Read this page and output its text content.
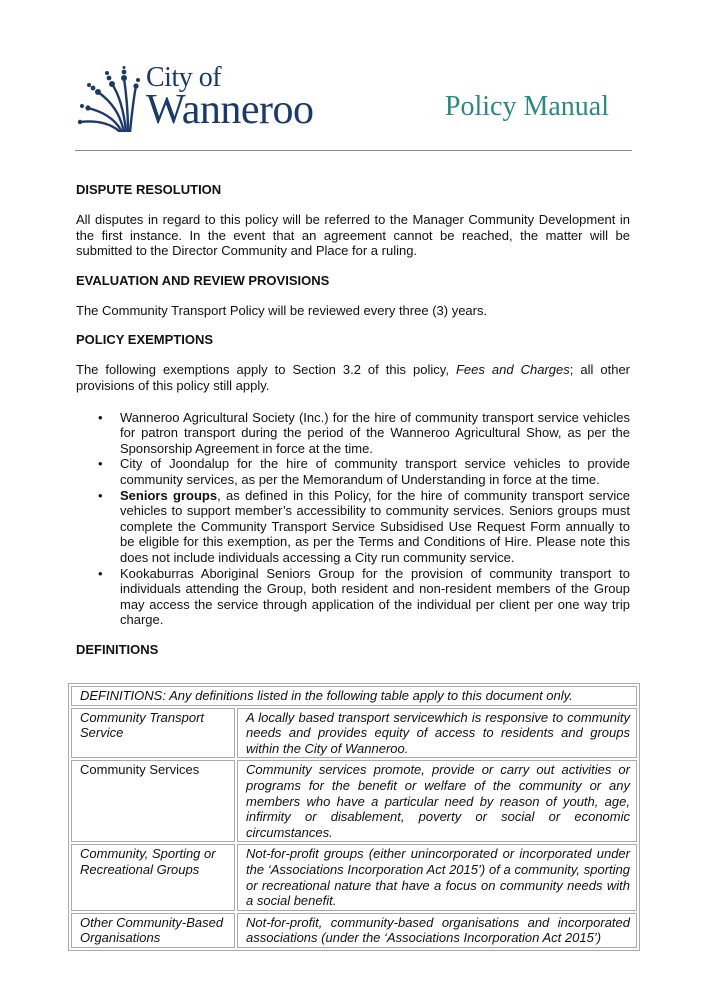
City of
Wanneroo	Policy Manual
DISPUTE RESOLUTION

All disputes in regard to this policy will be referred to the Manager Community Development in the first instance. In the event that an agreement cannot be reached, the matter will be submitted to the Director Community and Place for a ruling.

EVALUATION AND REVIEW PROVISIONS

The Community Transport Policy will be reviewed every three (3) years.

POLICY EXEMPTIONS

The following exemptions apply to Section 3.2 of this policy, Fees and Charges; all other provisions of this policy still apply.

• Wanneroo Agricultural Society (Inc.) for the hire of community transport service vehicles for patron transport during the period of the Wanneroo Agricultural Show, as per the Sponsorship Agreement in force at the time.
• City of Joondalup for the hire of community transport service vehicles to provide community services, as per the Memorandum of Understanding in force at the time.
• Seniors groups, as defined in this Policy, for the hire of community transport service vehicles to support member’s accessibility to community services. Seniors groups must complete the Community Transport Service Subsidised Use Request Form annually to be eligible for this exemption, as per the Terms and Conditions of Hire. Please note this does not include individuals accessing a City run community service.
• Kookaburras Aboriginal Seniors Group for the provision of community transport to individuals attending the Group, both resident and non-resident members of the Group may access the service through application of the individual per client per one way trip charge.
DEFINITIONS
DEFINITIONS: Any definitions listed in the following table apply to this document only.	
Community Transport Service	A locally based transport servicewhich is responsive to community needs and provides equity of access to residents and groups within the City of Wanneroo.
Community Services	Community services promote, provide or carry out activities or programs for the benefit or welfare of the community or any members who have a particular need by reason of youth, age, infirmity or disablement, poverty or social or economic circumstances.
Community, Sporting or Recreational Groups	Not-for-profit groups (either unincorporated or incorporated under the ‘Associations Incorporation Act 2015’) of a community, sporting or recreational nature that have a focus on community needs with a social benefit.
Other Community-Based Organisations	Not-for-profit, community-based organisations and incorporated associations (under the ‘Associations Incorporation Act 2015’)
